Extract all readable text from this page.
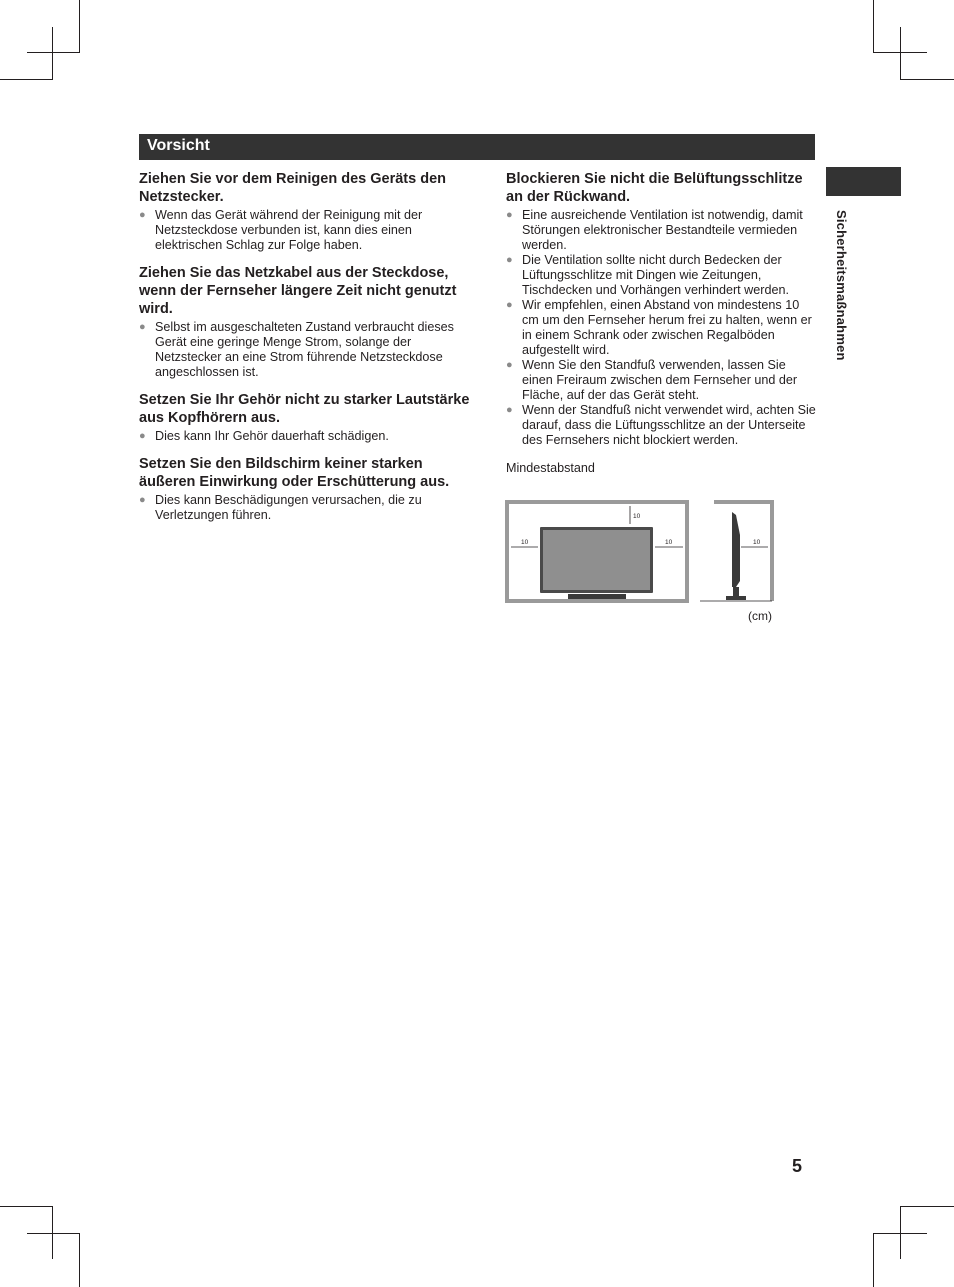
Vorsicht
Sicherheitsmaßnahmen

Ziehen Sie vor dem Reinigen des Geräts den Netzstecker.

● Wenn das Gerät während der Reinigung mit der Netzsteckdose verbunden ist, kann dies einen elektrischen Schlag zur Folge haben.

Ziehen Sie das Netzkabel aus der Steckdose, wenn der Fernseher längere Zeit nicht genutzt wird.

● Selbst im ausgeschalteten Zustand verbraucht dieses Gerät eine geringe Menge Strom, solange der Netzstecker an eine Strom führende Netzsteckdose angeschlossen ist.

Setzen Sie Ihr Gehör nicht zu starker Lautstärke aus Kopfhörern aus.

● Dies kann Ihr Gehör dauerhaft schädigen.

Setzen Sie den Bildschirm keiner starken äußeren Einwirkung oder Erschütterung aus.

● Dies kann Beschädigungen verursachen, die zu Verletzungen führen.

Blockieren Sie nicht die Belüftungsschlitze an der Rückwand.

● Eine ausreichende Ventilation ist notwendig, damit Störungen elektronischer Bestandteile vermieden werden.
● Die Ventilation sollte nicht durch Bedecken der Lüftungsschlitze mit Dingen wie Zeitungen, Tischdecken und Vorhängen verhindert werden.
● Wir empfehlen, einen Abstand von mindestens 10 cm um den Fernseher herum frei zu halten, wenn er in einem Schrank oder zwischen Regalböden aufgestellt wird.
● Wenn Sie den Standfuß verwenden, lassen Sie einen Freiraum zwischen dem Fernseher und der Fläche, auf der das Gerät steht.
● Wenn der Standfuß nicht verwendet wird, achten Sie darauf, dass die Lüftungsschlitze an der Unterseite des Fernsehers nicht blockiert werden.
Mindestabstand
10
10	10	10
(cm)
5
